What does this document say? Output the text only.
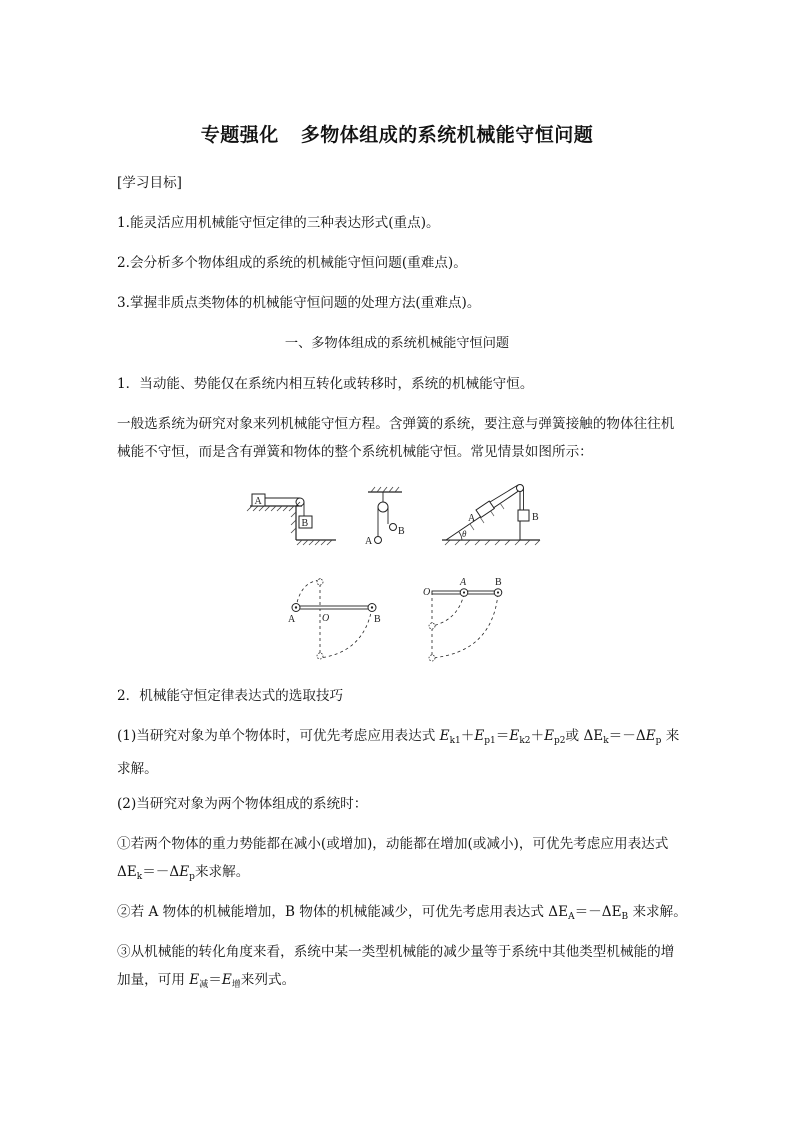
专题强化 多物体组成的系统机械能守恒问题
[学习目标]
1.能灵活应用机械能守恒定律的三种表达形式(重点)。
2.会分析多个物体组成的系统的机械能守恒问题(重难点)。
3.掌握非质点类物体的机械能守恒问题的处理方法(重难点)。
一、多物体组成的系统机械能守恒问题
1．当动能、势能仅在系统内相互转化或转移时，系统的机械能守恒。
一般选系统为研究对象来列机械能守恒方程。含弹簧的系统，要注意与弹簧接触的物体往往机械能不守恒，而是含有弹簧和物体的整个系统机械能守恒。常见情景如图所示：
A
B
A
B	θ
A	B
A	O	B
O
A	B
2．机械能守恒定律表达式的选取技巧
(1)当研究对象为单个物体时，可优先考虑应用表达式 $E_{k1}+E_{p1}=E_{k2}+E_{p2}$或 $\Delta E_k=-\Delta E_p$ 来求解。
(2)当研究对象为两个物体组成的系统时：
①若两个物体的重力势能都在减小(或增加)，动能都在增加(或减小)，可优先考虑应用表达式$\Delta E_k=-\Delta E_p$来求解。
②若 A 物体的机械能增加，B 物体的机械能减少，可优先考虑用表达式 $\Delta E_A=-\Delta E_B$ 来求解。
③从机械能的转化角度来看，系统中某一类型机械能的减少量等于系统中其他类型机械能的增加量，可用 $E_减=E_增$来列式。
